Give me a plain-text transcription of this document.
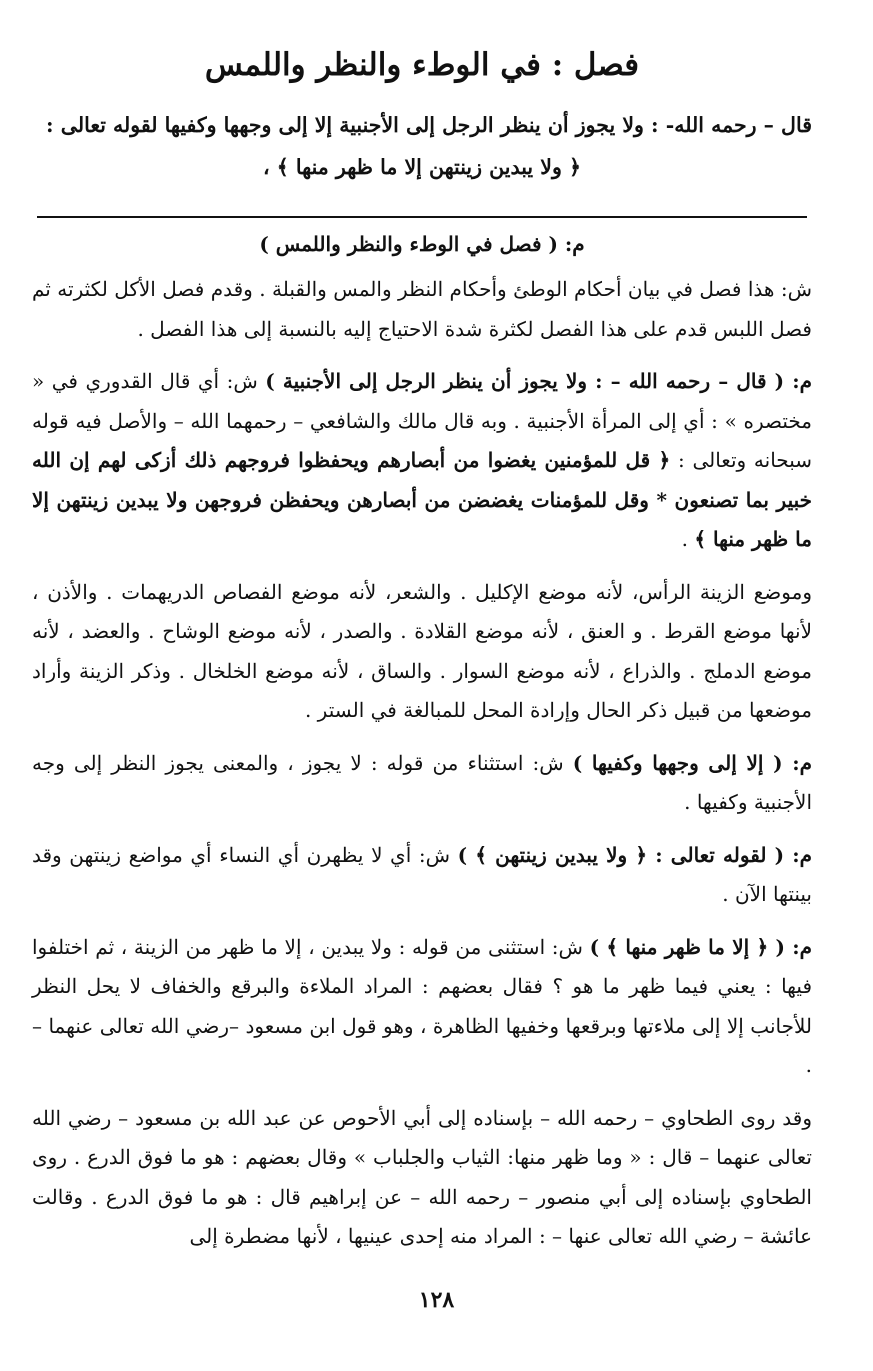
فصل : في الوطء والنظر واللمس

قال – رحمه الله- : ولا يجوز أن ينظر الرجل إلى الأجنبية إلا إلى وجهها وكفيها لقوله تعالى :
﴿ ولا يبدين زينتهن إلا ما ظهر منها ﴾ ،

م: ( فصل في الوطء والنظر واللمس )

ش: هذا فصل في بيان أحكام الوطئ وأحكام النظر والمس والقبلة . وقدم فصل الأكل لكثرته ثم فصل اللبس قدم على هذا الفصل لكثرة شدة الاحتياج إليه بالنسبة إلى هذا الفصل .

م: ( قال – رحمه الله – : ولا يجوز أن ينظر الرجل إلى الأجنبية ) ش: أي قال القدوري في « مختصره » : أي إلى المرأة الأجنبية . وبه قال مالك والشافعي – رحمهما الله – والأصل فيه قوله سبحانه وتعالى : ﴿ قل للمؤمنين يغضوا من أبصارهم ويحفظوا فروجهم ذلك أزكى لهم إن الله خبير بما تصنعون * وقل للمؤمنات يغضضن من أبصارهن ويحفظن فروجهن ولا يبدين زينتهن إلا ما ظهر منها ﴾ .

وموضع الزينة الرأس، لأنه موضع الإكليل . والشعر، لأنه موضع الفصاص الدريهمات . والأذن ، لأنها موضع القرط . و العنق ، لأنه موضع القلادة . والصدر ، لأنه موضع الوشاح . والعضد ، لأنه موضع الدملج . والذراع ، لأنه موضع السوار . والساق ، لأنه موضع الخلخال . وذكر الزينة وأراد موضعها من قبيل ذكر الحال وإرادة المحل للمبالغة في الستر .

م: ( إلا إلى وجهها وكفيها ) ش: استثناء من قوله : لا يجوز ، والمعنى يجوز النظر إلى وجه الأجنبية وكفيها .

م: ( لقوله تعالى : ﴿ ولا يبدين زينتهن ﴾ ) ش: أي لا يظهرن أي النساء أي مواضع زينتهن وقد بينتها الآن .

م: ( ﴿ إلا ما ظهر منها ﴾ ) ش: استثنى من قوله : ولا يبدين ، إلا ما ظهر من الزينة ، ثم اختلفوا فيها : يعني فيما ظهر ما هو ؟ فقال بعضهم : المراد الملاءة والبرقع والخفاف لا يحل النظر للأجانب إلا إلى ملاءتها وبرقعها وخفيها الظاهرة ، وهو قول ابن مسعود –رضي الله تعالى عنهما – .

وقد روى الطحاوي – رحمه الله – بإسناده إلى أبي الأحوص عن عبد الله بن مسعود – رضي الله تعالى عنهما – قال : « وما ظهر منها: الثياب والجلباب » وقال بعضهم : هو ما فوق الدرع . روى الطحاوي بإسناده إلى أبي منصور – رحمه الله – عن إبراهيم قال : هو ما فوق الدرع . وقالت عائشة – رضي الله تعالى عنها – : المراد منه إحدى عينيها ، لأنها مضطرة إلى

١٢٨
